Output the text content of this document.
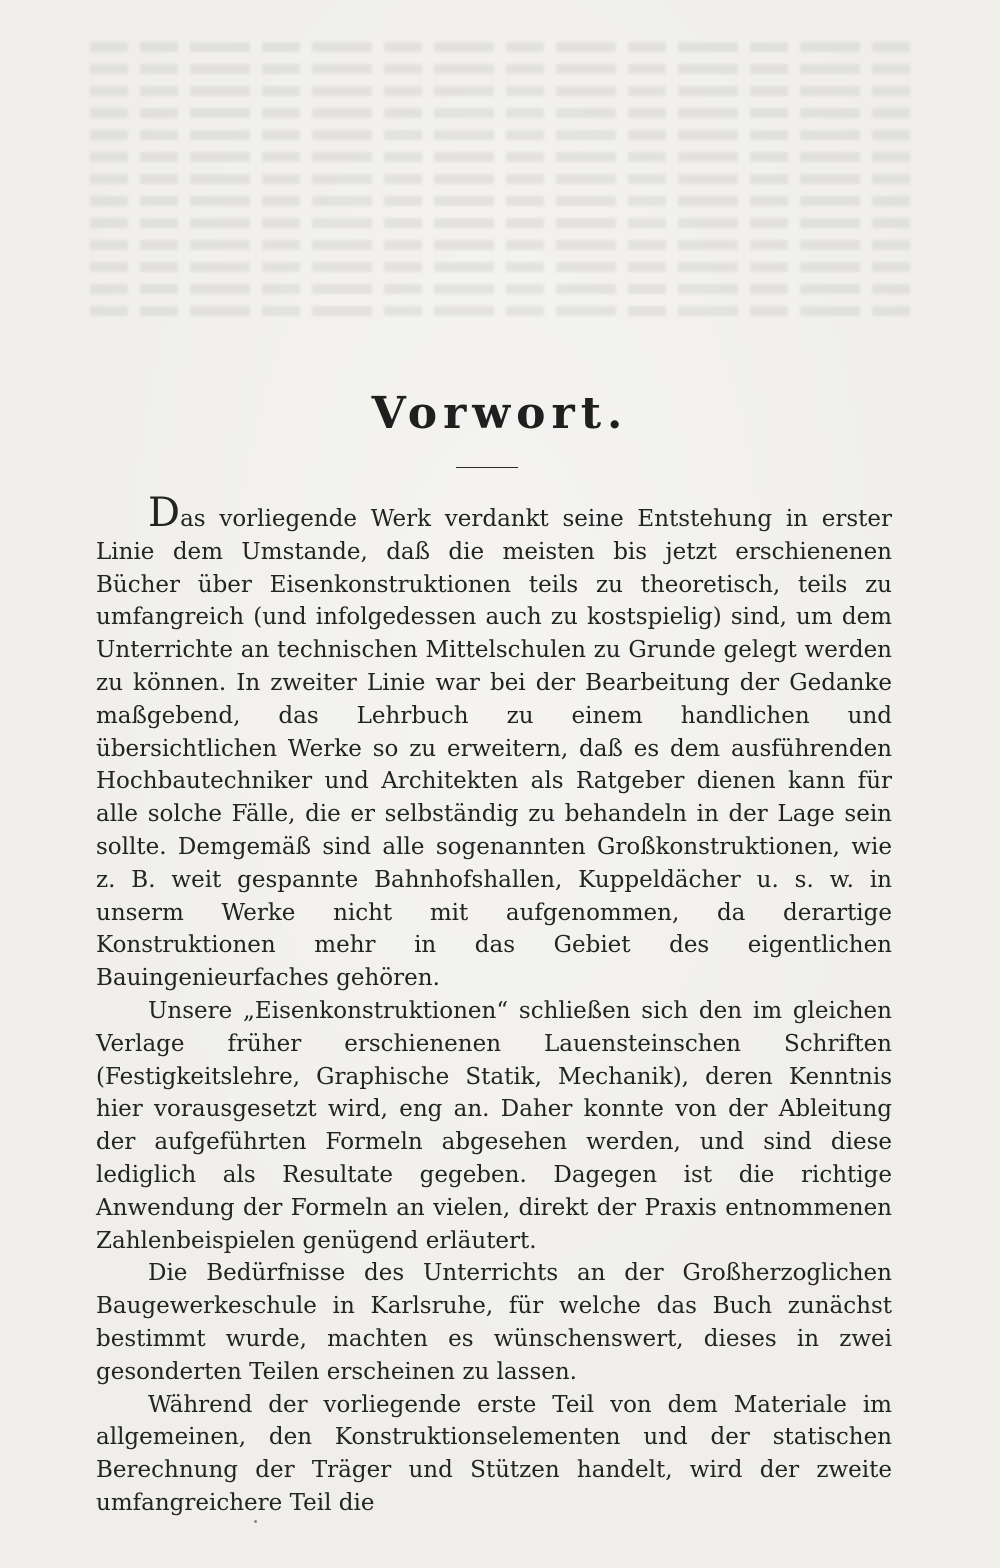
Vorwort.

Das vorliegende Werk verdankt seine Entstehung in erster Linie dem Umstande, daß die meisten bis jetzt erschienenen Bücher über Eisenkonstruktionen teils zu theoretisch, teils zu umfangreich (und infolgedessen auch zu kostspielig) sind, um dem Unterrichte an technischen Mittelschulen zu Grunde gelegt werden zu können. In zweiter Linie war bei der Bearbeitung der Gedanke maßgebend, das Lehrbuch zu einem handlichen und übersichtlichen Werke so zu erweitern, daß es dem ausführenden Hochbautechniker und Architekten als Ratgeber dienen kann für alle solche Fälle, die er selbständig zu behandeln in der Lage sein sollte. Demgemäß sind alle sogenannten Großkonstruktionen, wie z. B. weit gespannte Bahnhofshallen, Kuppeldächer u. s. w. in unserm Werke nicht mit aufgenommen, da derartige Konstruktionen mehr in das Gebiet des eigentlichen Bauingenieurfaches gehören.

Unsere „Eisenkonstruktionen“ schließen sich den im gleichen Verlage früher erschienenen Lauensteinschen Schriften (Festigkeitslehre, Graphische Statik, Mechanik), deren Kenntnis hier vorausgesetzt wird, eng an. Daher konnte von der Ableitung der aufgeführten Formeln abgesehen werden, und sind diese lediglich als Resultate gegeben. Dagegen ist die richtige Anwendung der Formeln an vielen, direkt der Praxis entnommenen Zahlenbeispielen genügend erläutert.

Die Bedürfnisse des Unterrichts an der Großherzoglichen Baugewerkeschule in Karlsruhe, für welche das Buch zunächst bestimmt wurde, machten es wünschenswert, dieses in zwei gesonderten Teilen erscheinen zu lassen.

Während der vorliegende erste Teil von dem Materiale im allgemeinen, den Konstruktionselementen und der statischen Berechnung der Träger und Stützen handelt, wird der zweite umfangreichere Teil die
